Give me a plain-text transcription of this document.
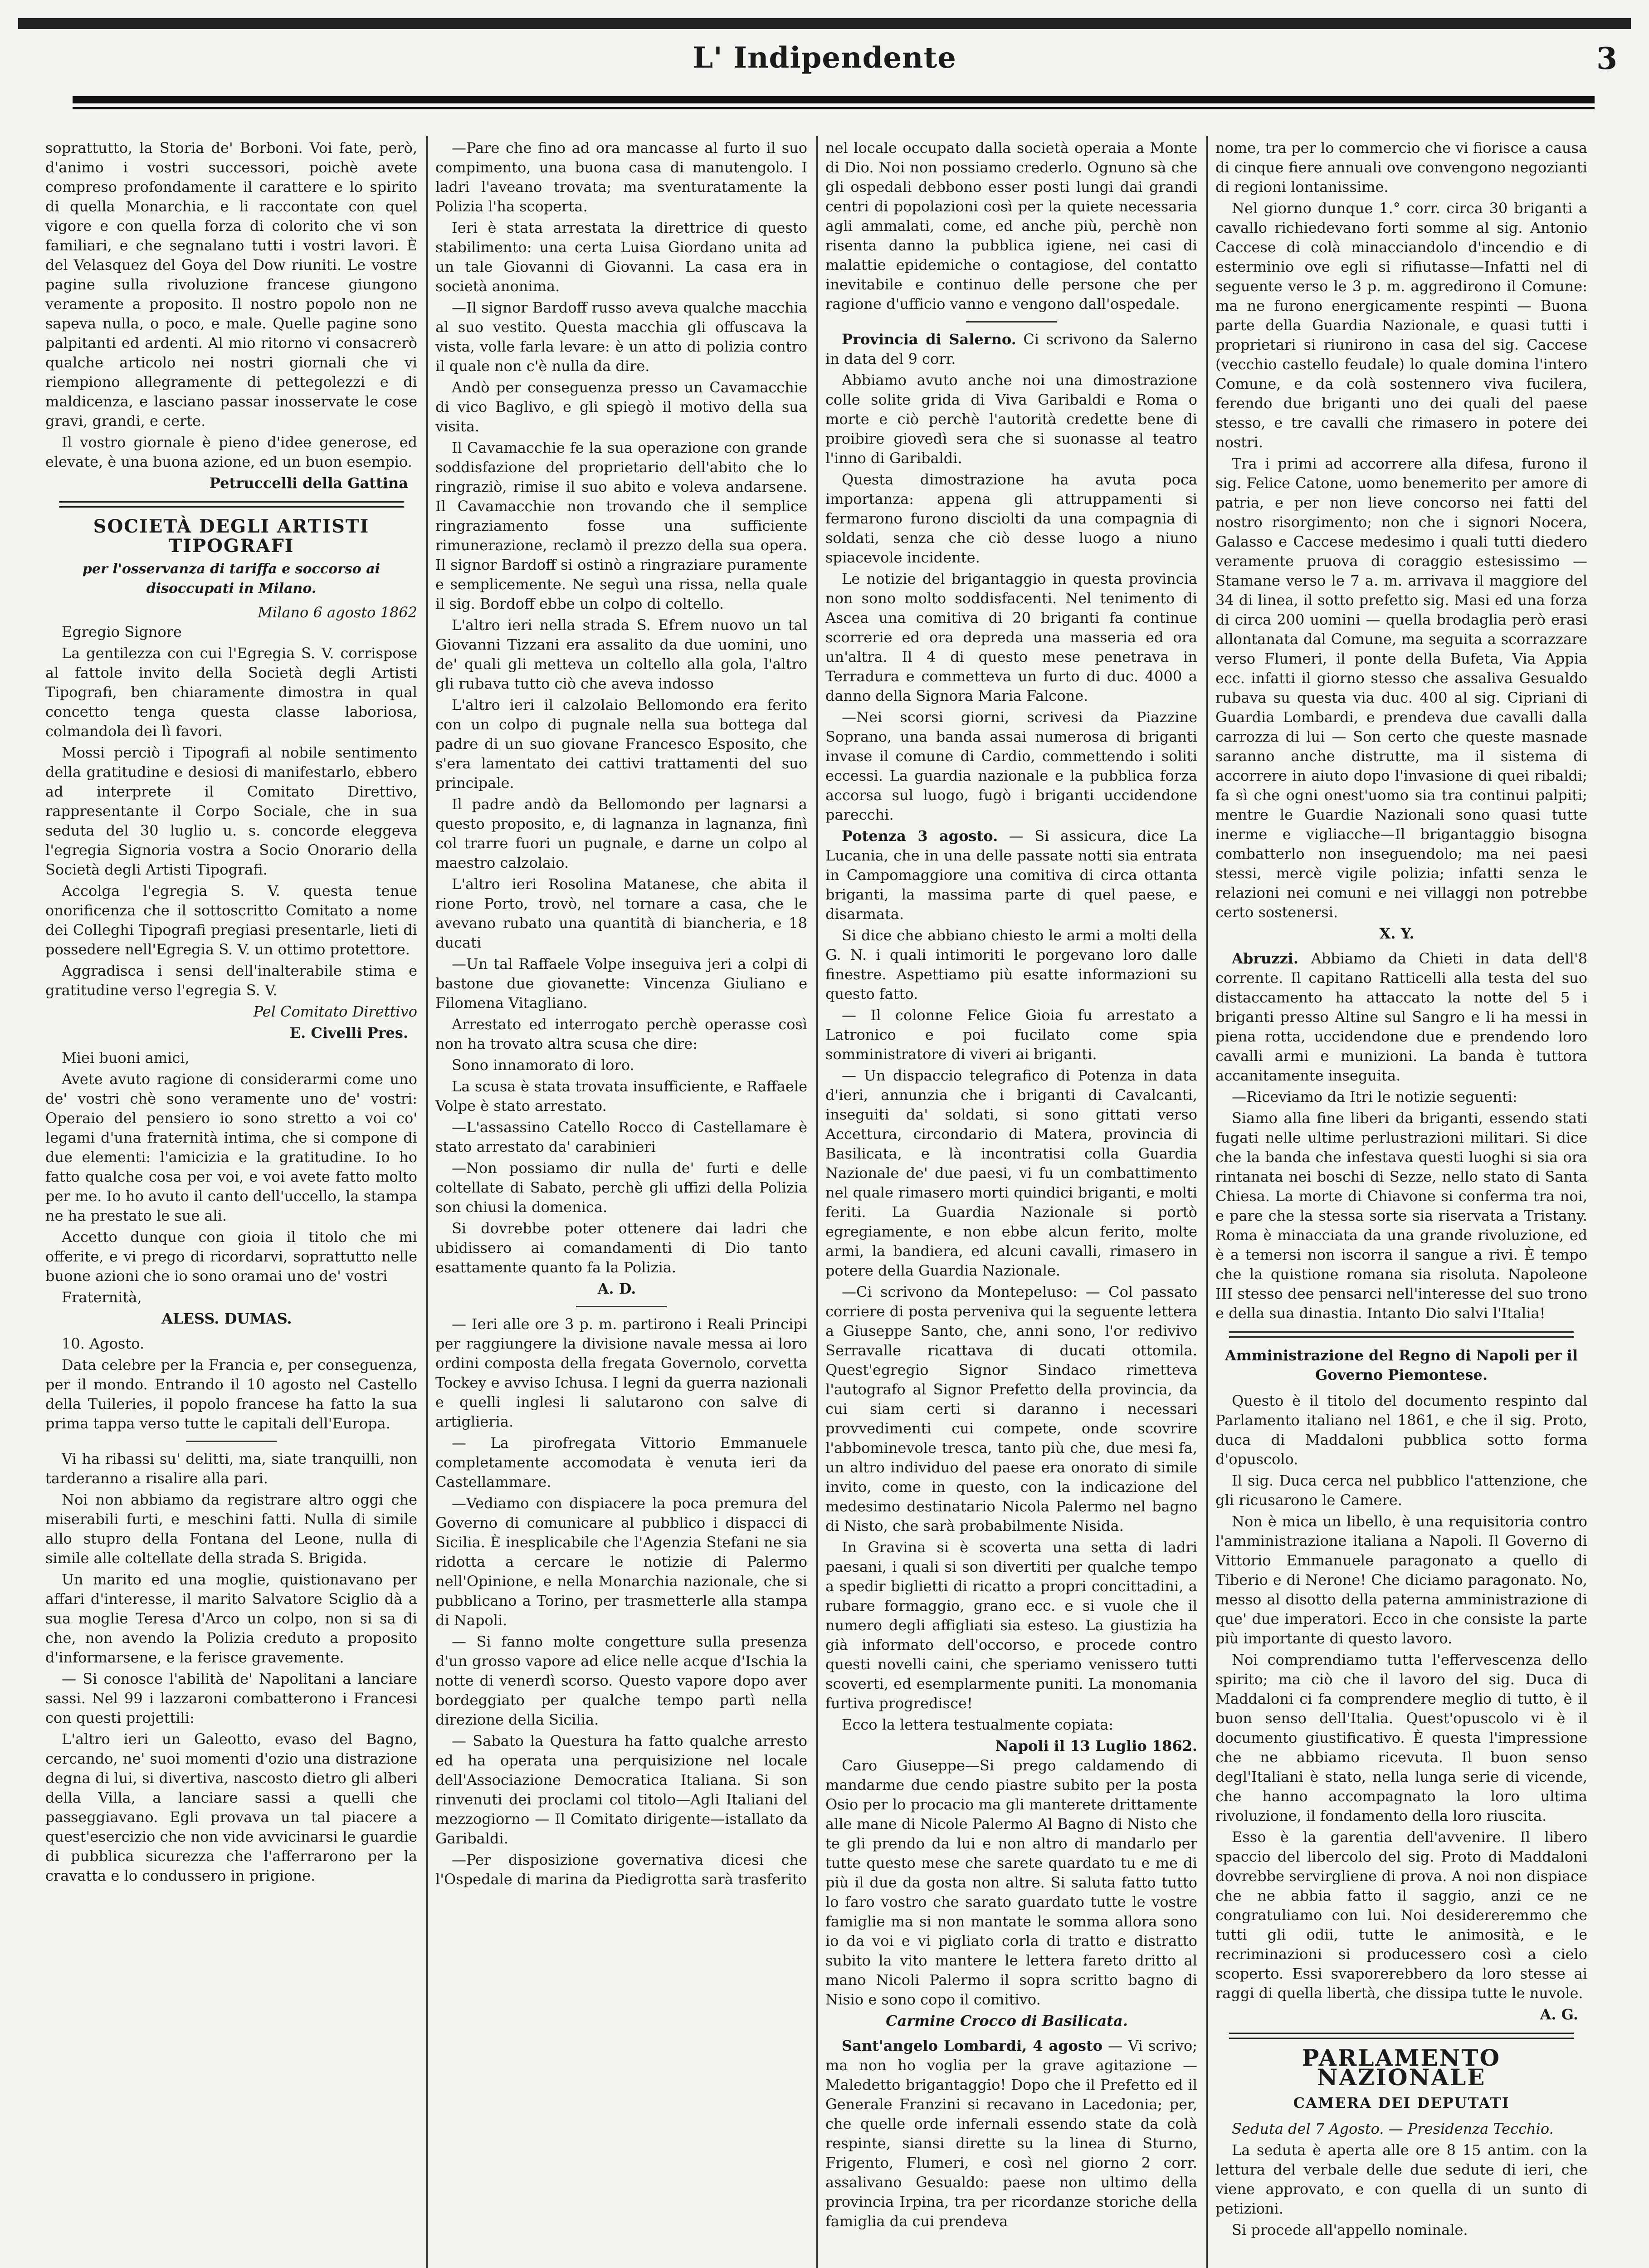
L' Indipendente	3

soprattutto, la Storia de' Borboni. Voi fate, però, d'animo i vostri successori, poichè avete compreso profondamente il carattere e lo spirito di quella Monarchia, e li raccontate con quel vigore e con quella forza di colorito che vi son familiari, e che segnalano tutti i vostri lavori. È del Velasquez del Goya del Dow riuniti. Le vostre pagine sulla rivoluzione francese giungono veramente a proposito. Il nostro popolo non ne sapeva nulla, o poco, e male. Quelle pagine sono palpitanti ed ardenti. Al mio ritorno vi consacrerò qualche articolo nei nostri giornali che vi riempiono allegramente di pettegolezzi e di maldicenza, e lasciano passar inosservate le cose gravi, grandi, e certe.

Il vostro giornale è pieno d'idee generose, ed elevate, è una buona azione, ed un buon esempio.

Petruccelli della Gattina
SOCIETÀ DEGLI ARTISTI TIPOGRAFI
per l'osservanza di tariffa e soccorso ai disoccupati in Milano.
Milano 6 agosto 1862

Egregio Signore

La gentilezza con cui l'Egregia S. V. corrispose al fattole invito della Società degli Artisti Tipografi, ben chiaramente dimostra in qual concetto tenga questa classe laboriosa, colmandola dei lì favori.

Mossi perciò i Tipografi al nobile sentimento della gratitudine e desiosi di manifestarlo, ebbero ad interprete il Comitato Direttivo, rappresentante il Corpo Sociale, che in sua seduta del 30 luglio u. s. concorde eleggeva l'egregia Signoria vostra a Socio Onorario della Società degli Artisti Tipografi.

Accolga l'egregia S. V. questa tenue onorificenza che il sottoscritto Comitato a nome dei Colleghi Tipografi pregiasi presentarle, lieti di possedere nell'Egregia S. V. un ottimo protettore.

Aggradisca i sensi dell'inalterabile stima e gratitudine verso l'egregia S. V.

Pel Comitato Direttivo
E. Civelli Pres.

Miei buoni amici,

Avete avuto ragione di considerarmi come uno de' vostri chè sono veramente uno de' vostri: Operaio del pensiero io sono stretto a voi co' legami d'una fraternità intima, che si compone di due elementi: l'amicizia e la gratitudine. Io ho fatto qualche cosa per voi, e voi avete fatto molto per me. Io ho avuto il canto dell'uccello, la stampa ne ha prestato le sue ali.

Accetto dunque con gioia il titolo che mi offerite, e vi prego di ricordarvi, soprattutto nelle buone azioni che io sono oramai uno de' vostri

Fraternità,

ALESS. DUMAS.

10. Agosto.

Data celebre per la Francia e, per conseguenza, per il mondo. Entrando il 10 agosto nel Castello della Tuileries, il popolo francese ha fatto la sua prima tappa verso tutte le capitali dell'Europa.

Vi ha ribassi su' delitti, ma, siate tranquilli, non tarderanno a risalire alla pari.

Noi non abbiamo da registrare altro oggi che miserabili furti, e meschini fatti. Nulla di simile allo stupro della Fontana del Leone, nulla di simile alle coltellate della strada S. Brigida.

Un marito ed una moglie, quistionavano per affari d'interesse, il marito Salvatore Sciglio dà a sua moglie Teresa d'Arco un colpo, non si sa di che, non avendo la Polizia creduto a proposito d'informarsene, e la ferisce gravemente.

— Si conosce l'abilità de' Napolitani a lanciare sassi. Nel 99 i lazzaroni combatterono i Francesi con questi projettili:

L'altro ieri un Galeotto, evaso del Bagno, cercando, ne' suoi momenti d'ozio una distrazione degna di lui, si divertiva, nascosto dietro gli alberi della Villa, a lanciare sassi a quelli che passeggiavano. Egli provava un tal piacere a quest'esercizio che non vide avvicinarsi le guardie di pubblica sicurezza che l'afferrarono per la cravatta e lo condussero in prigione.

—Pare che fino ad ora mancasse al furto il suo compimento, una buona casa di manutengolo. I ladri l'aveano trovata; ma sventuratamente la Polizia l'ha scoperta.

Ieri è stata arrestata la direttrice di questo stabilimento: una certa Luisa Giordano unita ad un tale Giovanni di Giovanni. La casa era in società anonima.

—Il signor Bardoff russo aveva qualche macchia al suo vestito. Questa macchia gli offuscava la vista, volle farla levare: è un atto di polizia contro il quale non c'è nulla da dire.

Andò per conseguenza presso un Cavamacchie di vico Baglivo, e gli spiegò il motivo della sua visita.

Il Cavamacchie fe la sua operazione con grande soddisfazione del proprietario dell'abito che lo ringraziò, rimise il suo abito e voleva andarsene. Il Cavamacchie non trovando che il semplice ringraziamento fosse una sufficiente rimunerazione, reclamò il prezzo della sua opera. Il signor Bardoff si ostinò a ringraziare puramente e semplicemente. Ne seguì una rissa, nella quale il sig. Bordoff ebbe un colpo di coltello.

L'altro ieri nella strada S. Efrem nuovo un tal Giovanni Tizzani era assalito da due uomini, uno de' quali gli metteva un coltello alla gola, l'altro gli rubava tutto ciò che aveva indosso

L'altro ieri il calzolaio Bellomondo era ferito con un colpo di pugnale nella sua bottega dal padre di un suo giovane Francesco Esposito, che s'era lamentato dei cattivi trattamenti del suo principale.

Il padre andò da Bellomondo per lagnarsi a questo proposito, e, di lagnanza in lagnanza, finì col trarre fuori un pugnale, e darne un colpo al maestro calzolaio.

L'altro ieri Rosolina Matanese, che abita il rione Porto, trovò, nel tornare a casa, che le avevano rubato una quantità di biancheria, e 18 ducati

—Un tal Raffaele Volpe inseguiva jeri a colpi di bastone due giovanette: Vincenza Giuliano e Filomena Vitagliano.

Arrestato ed interrogato perchè operasse così non ha trovato altra scusa che dire:

Sono innamorato di loro.

La scusa è stata trovata insufficiente, e Raffaele Volpe è stato arrestato.

—L'assassino Catello Rocco di Castellamare è stato arrestato da' carabinieri

—Non possiamo dir nulla de' furti e delle coltellate di Sabato, perchè gli uffizi della Polizia son chiusi la domenica.

Si dovrebbe poter ottenere dai ladri che ubidissero ai comandamenti di Dio tanto esattamente quanto fa la Polizia.

A. D.

— Ieri alle ore 3 p. m. partirono i Reali Principi per raggiungere la divisione navale messa ai loro ordini composta della fregata Governolo, corvetta Tockey e avviso Ichusa. I legni da guerra nazionali e quelli inglesi li salutarono con salve di artiglieria.

— La pirofregata Vittorio Emmanuele completamente accomodata è venuta ieri da Castellammare.

—Vediamo con dispiacere la poca premura del Governo di comunicare al pubblico i dispacci di Sicilia. È inesplicabile che l'Agenzia Stefani ne sia ridotta a cercare le notizie di Palermo nell'Opinione, e nella Monarchia nazionale, che si pubblicano a Torino, per trasmetterle alla stampa di Napoli.

— Si fanno molte congetture sulla presenza d'un grosso vapore ad elice nelle acque d'Ischia la notte di venerdì scorso. Questo vapore dopo aver bordeggiato per qualche tempo partì nella direzione della Sicilia.

— Sabato la Questura ha fatto qualche arresto ed ha operata una perquisizione nel locale dell'Associazione Democratica Italiana. Si son rinvenuti dei proclami col titolo—Agli Italiani del mezzogiorno — Il Comitato dirigente—istallato da Garibaldi.

—Per disposizione governativa dicesi che l'Ospedale di marina da Piedigrotta sarà trasferito

nel locale occupato dalla società operaia a Monte di Dio. Noi non possiamo crederlo. Ognuno sà che gli ospedali debbono esser posti lungi dai grandi centri di popolazioni così per la quiete necessaria agli ammalati, come, ed anche più, perchè non risenta danno la pubblica igiene, nei casi di malattie epidemiche o contagiose, del contatto inevitabile e continuo delle persone che per ragione d'ufficio vanno e vengono dall'ospedale.

Provincia di Salerno. Ci scrivono da Salerno in data del 9 corr.

Abbiamo avuto anche noi una dimostrazione colle solite grida di Viva Garibaldi e Roma o morte e ciò perchè l'autorità credette bene di proibire giovedì sera che si suonasse al teatro l'inno di Garibaldi.

Questa dimostrazione ha avuta poca importanza: appena gli attruppamenti si fermarono furono disciolti da una compagnia di soldati, senza che ciò desse luogo a niuno spiacevole incidente.

Le notizie del brigantaggio in questa provincia non sono molto soddisfacenti. Nel tenimento di Ascea una comitiva di 20 briganti fa continue scorrerie ed ora depreda una masseria ed ora un'altra. Il 4 di questo mese penetrava in Terradura e commetteva un furto di duc. 4000 a danno della Signora Maria Falcone.

—Nei scorsi giorni, scrivesi da Piazzine Soprano, una banda assai numerosa di briganti invase il comune di Cardio, commettendo i soliti eccessi. La guardia nazionale e la pubblica forza accorsa sul luogo, fugò i briganti uccidendone parecchi.

Potenza 3 agosto. — Si assicura, dice La Lucania, che in una delle passate notti sia entrata in Campomaggiore una comitiva di circa ottanta briganti, la massima parte di quel paese, e disarmata.

Si dice che abbiano chiesto le armi a molti della G. N. i quali intimoriti le porgevano loro dalle finestre. Aspettiamo più esatte informazioni su questo fatto.

— Il colonne Felice Gioia fu arrestato a Latronico e poi fucilato come spia somministratore di viveri ai briganti.

— Un dispaccio telegrafico di Potenza in data d'ieri, annunzia che i briganti di Cavalcanti, inseguiti da' soldati, si sono gittati verso Accettura, circondario di Matera, provincia di Basilicata, e là incontratisi colla Guardia Nazionale de' due paesi, vi fu un combattimento nel quale rimasero morti quindici briganti, e molti feriti. La Guardia Nazionale si portò egregiamente, e non ebbe alcun ferito, molte armi, la bandiera, ed alcuni cavalli, rimasero in potere della Guardia Nazionale.

—Ci scrivono da Montepeluso: — Col passato corriere di posta perveniva qui la seguente lettera a Giuseppe Santo, che, anni sono, l'or redivivo Serravalle ricattava di ducati ottomila. Quest'egregio Signor Sindaco rimetteva l'autografo al Signor Prefetto della provincia, da cui siam certi si daranno i necessari provvedimenti cui compete, onde scovrire l'abbominevole tresca, tanto più che, due mesi fa, un altro individuo del paese era onorato di simile invito, come in questo, con la indicazione del medesimo destinatario Nicola Palermo nel bagno di Nisto, che sarà probabilmente Nisida.

In Gravina si è scoverta una setta di ladri paesani, i quali si son divertiti per qualche tempo a spedir biglietti di ricatto a propri concittadini, a rubare formaggio, grano ecc. e si vuole che il numero degli affigliati sia esteso. La giustizia ha già informato dell'occorso, e procede contro questi novelli caini, che speriamo venissero tutti scoverti, ed esemplarmente puniti. La monomania furtiva progredisce!

Ecco la lettera testualmente copiata:

Napoli il 13 Luglio 1862.

Caro Giuseppe—Si prego caldamendo di mandarme due cendo piastre subito per la posta Osio per lo procacio ma gli manterete drittamente alle mane di Nicole Palermo Al Bagno di Nisto che te gli prendo da lui e non altro di mandarlo per tutte questo mese che sarete quardato tu e me di più il due da gosta non altre. Si saluta fatto tutto lo faro vostro che sarato guardato tutte le vostre famiglie ma si non mantate le somma allora sono io da voi e vi pigliato corla di tratto e distratto subito la vito mantere le lettera fareto dritto al mano Nicoli Palermo il sopra scritto bagno di Nisio e sono copo il comitivo.

Carmine Crocco di Basilicata.

Sant'angelo Lombardi, 4 agosto — Vi scrivo; ma non ho voglia per la grave agitazione — Maledetto brigantaggio! Dopo che il Prefetto ed il Generale Franzini si recavano in Lacedonia; per, che quelle orde infernali essendo state da colà respinte, siansi dirette su la linea di Sturno, Frigento, Flumeri, e così nel giorno 2 corr. assalivano Gesualdo: paese non ultimo della provincia Irpina, tra per ricordanze storiche della famiglia da cui prendeva

nome, tra per lo commercio che vi fiorisce a causa di cinque fiere annuali ove convengono negozianti di regioni lontanissime.

Nel giorno dunque 1.° corr. circa 30 briganti a cavallo richiedevano forti somme al sig. Antonio Caccese di colà minacciandolo d'incendio e di esterminio ove egli si rifiutasse—Infatti nel di seguente verso le 3 p. m. aggredirono il Comune: ma ne furono energicamente respinti — Buona parte della Guardia Nazionale, e quasi tutti i proprietari si riunirono in casa del sig. Caccese (vecchio castello feudale) lo quale domina l'intero Comune, e da colà sostennero viva fucilera, ferendo due briganti uno dei quali del paese stesso, e tre cavalli che rimasero in potere dei nostri.

Tra i primi ad accorrere alla difesa, furono il sig. Felice Catone, uomo benemerito per amore di patria, e per non lieve concorso nei fatti del nostro risorgimento; non che i signori Nocera, Galasso e Caccese medesimo i quali tutti diedero veramente pruova di coraggio estesissimo — Stamane verso le 7 a. m. arrivava il maggiore del 34 di linea, il sotto prefetto sig. Masi ed una forza di circa 200 uomini — quella brodaglia però erasi allontanata dal Comune, ma seguita a scorrazzare verso Flumeri, il ponte della Bufeta, Via Appia ecc. infatti il giorno stesso che assaliva Gesualdo rubava su questa via duc. 400 al sig. Cipriani di Guardia Lombardi, e prendeva due cavalli dalla carrozza di lui — Son certo che queste masnade saranno anche distrutte, ma il sistema di accorrere in aiuto dopo l'invasione di quei ribaldi; fa sì che ogni onest'uomo sia tra continui palpiti; mentre le Guardie Nazionali sono quasi tutte inerme e vigliacche—Il brigantaggio bisogna combatterlo non inseguendolo; ma nei paesi stessi, mercè vigile polizia; infatti senza le relazioni nei comuni e nei villaggi non potrebbe certo sostenersi.

X. Y.

Abruzzi. Abbiamo da Chieti in data dell'8 corrente. Il capitano Ratticelli alla testa del suo distaccamento ha attaccato la notte del 5 i briganti presso Altine sul Sangro e li ha messi in piena rotta, uccidendone due e prendendo loro cavalli armi e munizioni. La banda è tuttora accanitamente inseguita.

—Riceviamo da Itri le notizie seguenti:

Siamo alla fine liberi da briganti, essendo stati fugati nelle ultime perlustrazioni militari. Si dice che la banda che infestava questi luoghi si sia ora rintanata nei boschi di Sezze, nello stato di Santa Chiesa. La morte di Chiavone si conferma tra noi, e pare che la stessa sorte sia riservata a Tristany. Roma è minacciata da una grande rivoluzione, ed è a temersi non iscorra il sangue a rivi. È tempo che la quistione romana sia risoluta. Napoleone III stesso dee pensarci nell'interesse del suo trono e della sua dinastia. Intanto Dio salvi l'Italia!

Amministrazione del Regno di Napoli per il Governo Piemontese.

Questo è il titolo del documento respinto dal Parlamento italiano nel 1861, e che il sig. Proto, duca di Maddaloni pubblica sotto forma d'opuscolo.

Il sig. Duca cerca nel pubblico l'attenzione, che gli ricusarono le Camere.

Non è mica un libello, è una requisitoria contro l'amministrazione italiana a Napoli. Il Governo di Vittorio Emmanuele paragonato a quello di Tiberio e di Nerone! Che diciamo paragonato. No, messo al disotto della paterna amministrazione di que' due imperatori. Ecco in che consiste la parte più importante di questo lavoro.

Noi comprendiamo tutta l'effervescenza dello spirito; ma ciò che il lavoro del sig. Duca di Maddaloni ci fa comprendere meglio di tutto, è il buon senso dell'Italia. Quest'opuscolo vi è il documento giustificativo. È questa l'impressione che ne abbiamo ricevuta. Il buon senso degl'Italiani è stato, nella lunga serie di vicende, che hanno accompagnato la loro ultima rivoluzione, il fondamento della loro riuscita.

Esso è la garentia dell'avvenire. Il libero spaccio del libercolo del sig. Proto di Maddaloni dovrebbe servirgliene di prova. A noi non dispiace che ne abbia fatto il saggio, anzi ce ne congratuliamo con lui. Noi desidereremmo che tutti gli odii, tutte le animosità, e le recriminazioni si producessero così a cielo scoperto. Essi svaporerebbero da loro stesse ai raggi di quella libertà, che dissipa tutte le nuvole.

A. G.
PARLAMENTO NAZIONALE
CAMERA DEI DEPUTATI

Seduta del 7 Agosto. — Presidenza Tecchio.

La seduta è aperta alle ore 8 15 antim. con la lettura del verbale delle due sedute di ieri, che viene approvato, e con quella di un sunto di petizioni.

Si procede all'appello nominale.
